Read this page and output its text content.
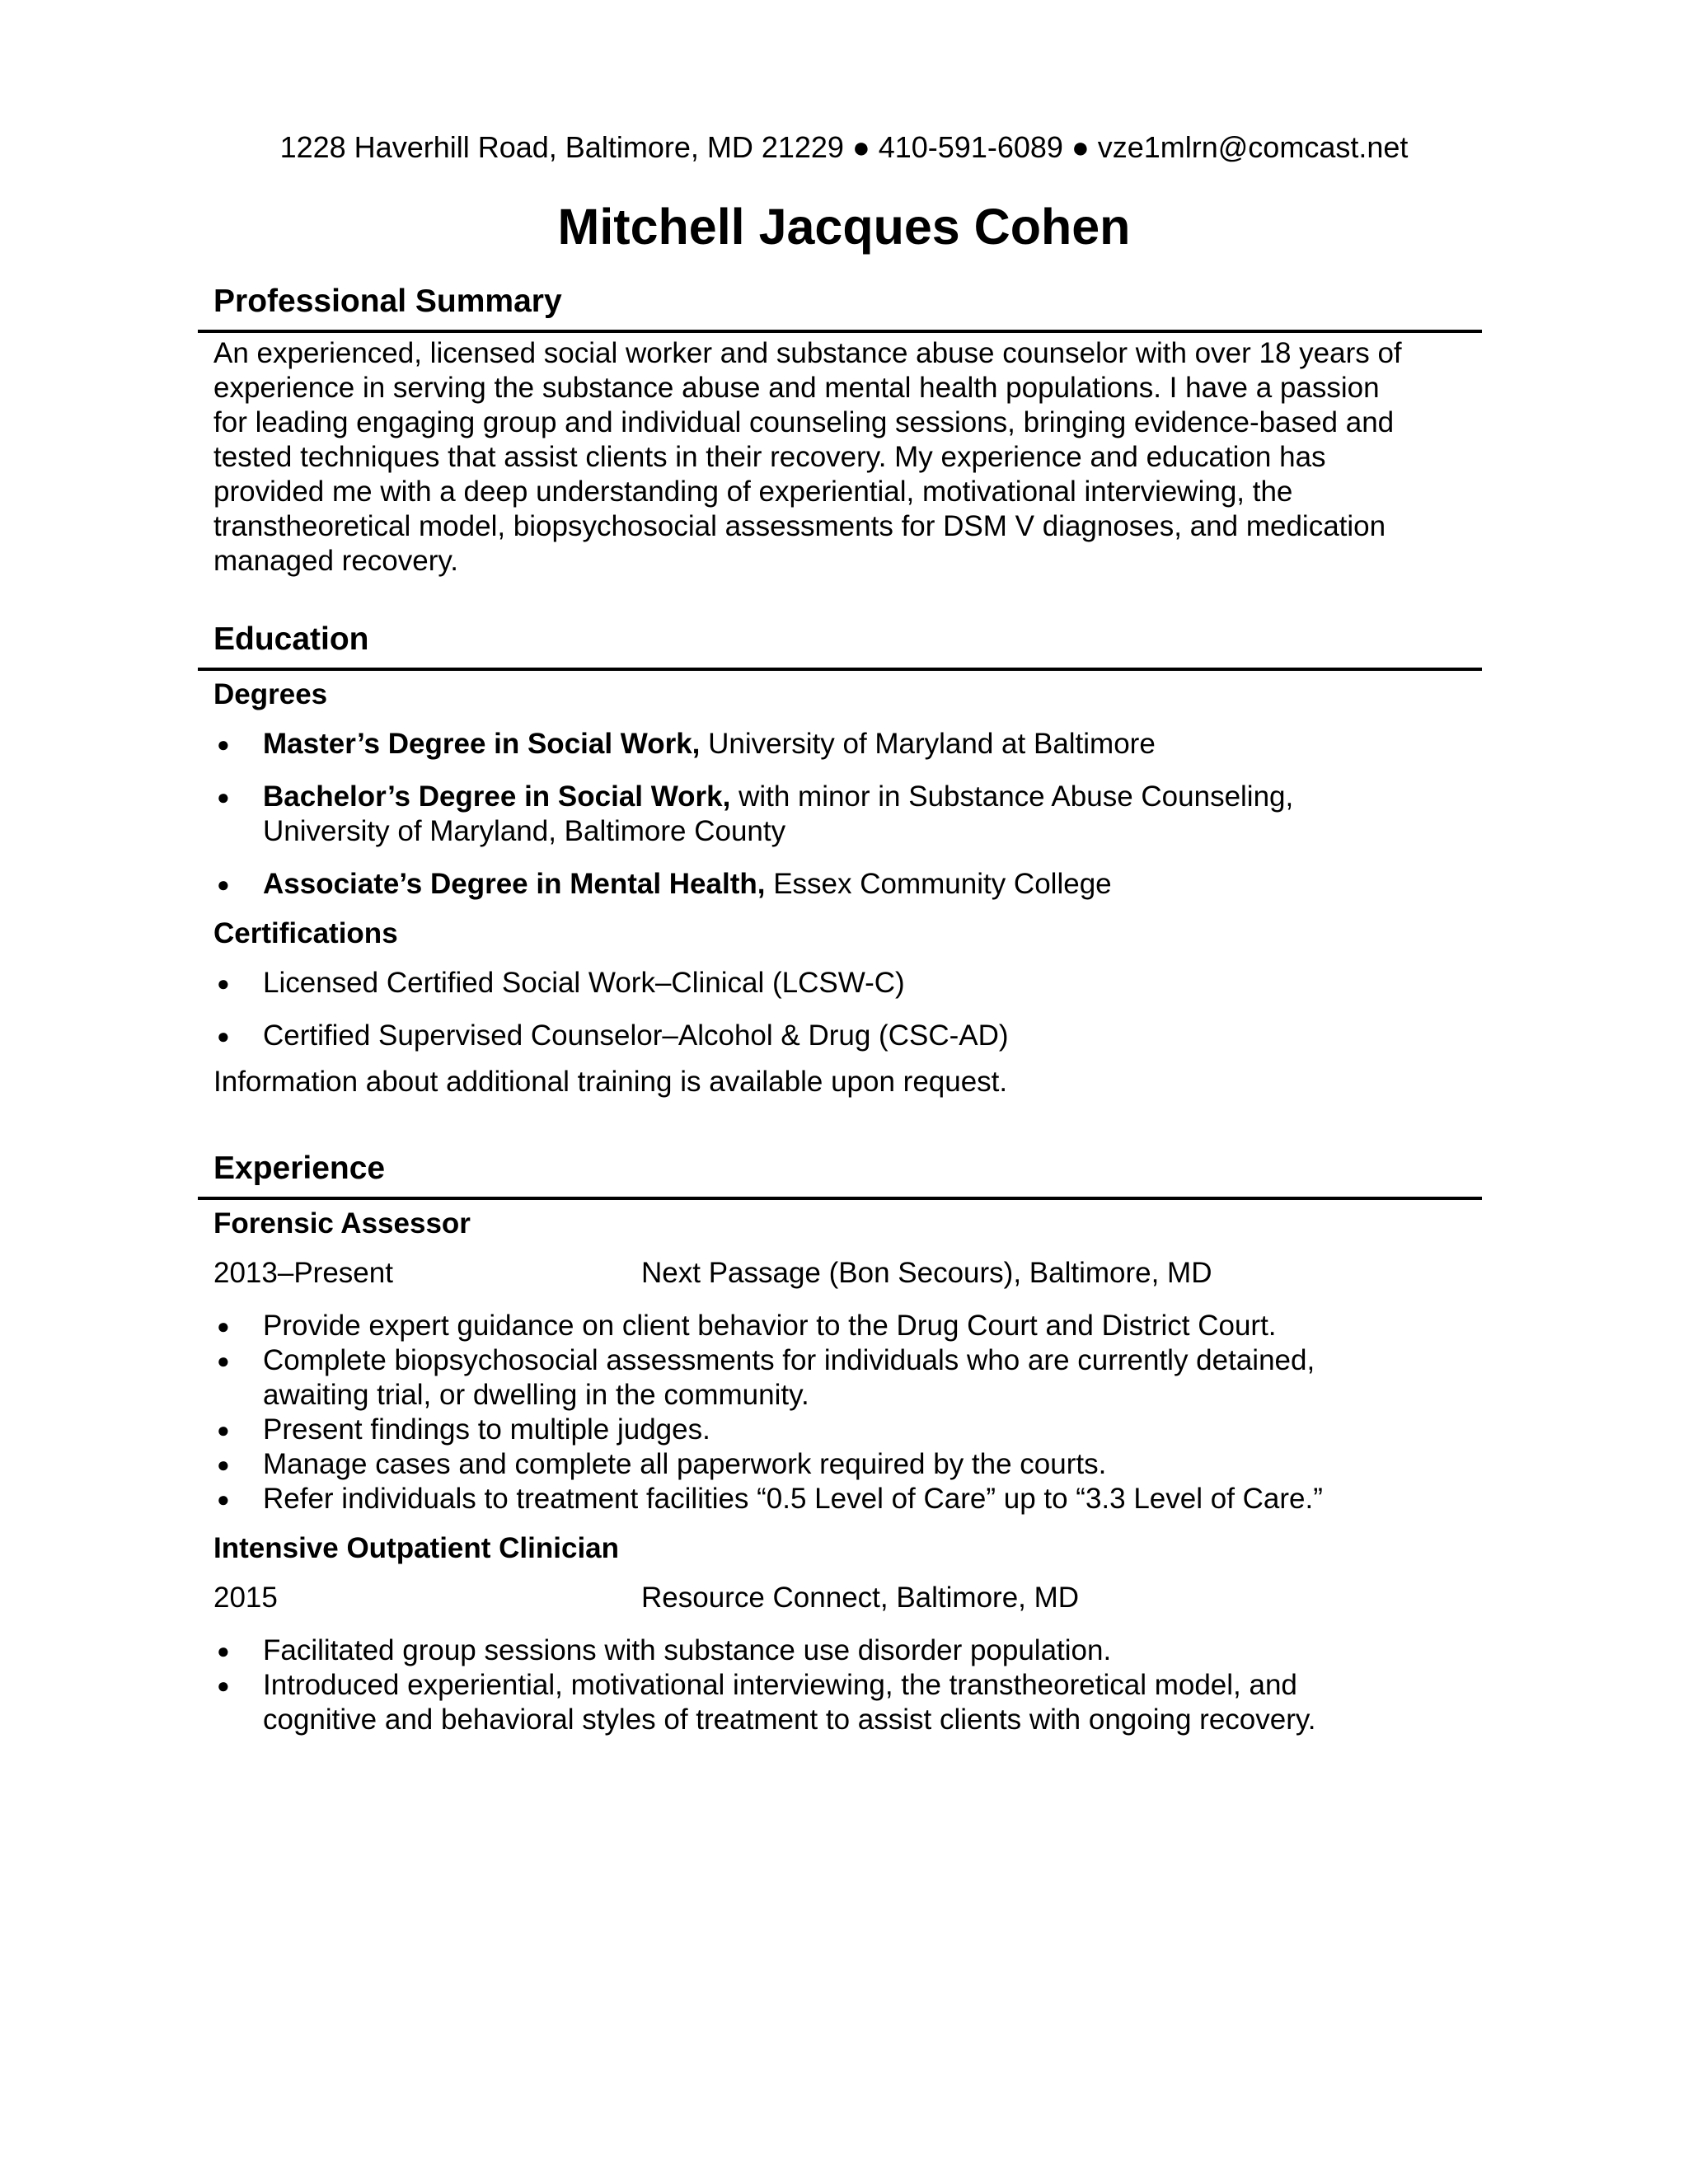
1228 Haverhill Road, Baltimore, MD 21229 ● 410-591-6089 ● vze1mlrn@comcast.net
Mitchell Jacques Cohen
Professional Summary
An experienced, licensed social worker and substance abuse counselor with over 18 years of
experience in serving the substance abuse and mental health populations. I have a passion
for leading engaging group and individual counseling sessions, bringing evidence-based and
tested techniques that assist clients in their recovery. My experience and education has
provided me with a deep understanding of experiential, motivational interviewing, the
transtheoretical model, biopsychosocial assessments for DSM V diagnoses, and medication
managed recovery.
Education
Degrees
● Master’s Degree in Social Work, University of Maryland at Baltimore
● Bachelor’s Degree in Social Work, with minor in Substance Abuse Counseling,
University of Maryland, Baltimore County
● Associate’s Degree in Mental Health, Essex Community College
Certifications
● Licensed Certified Social Work–Clinical (LCSW-C)
● Certified Supervised Counselor–Alcohol & Drug (CSC-AD)
Information about additional training is available upon request.
Experience
Forensic Assessor
2013–Present	Next Passage (Bon Secours), Baltimore, MD
● Provide expert guidance on client behavior to the Drug Court and District Court.
● Complete biopsychosocial assessments for individuals who are currently detained,
awaiting trial, or dwelling in the community.
● Present findings to multiple judges.
● Manage cases and complete all paperwork required by the courts.
● Refer individuals to treatment facilities “0.5 Level of Care” up to “3.3 Level of Care.”
Intensive Outpatient Clinician
2015	Resource Connect, Baltimore, MD
● Facilitated group sessions with substance use disorder population.
● Introduced experiential, motivational interviewing, the transtheoretical model, and
cognitive and behavioral styles of treatment to assist clients with ongoing recovery.
